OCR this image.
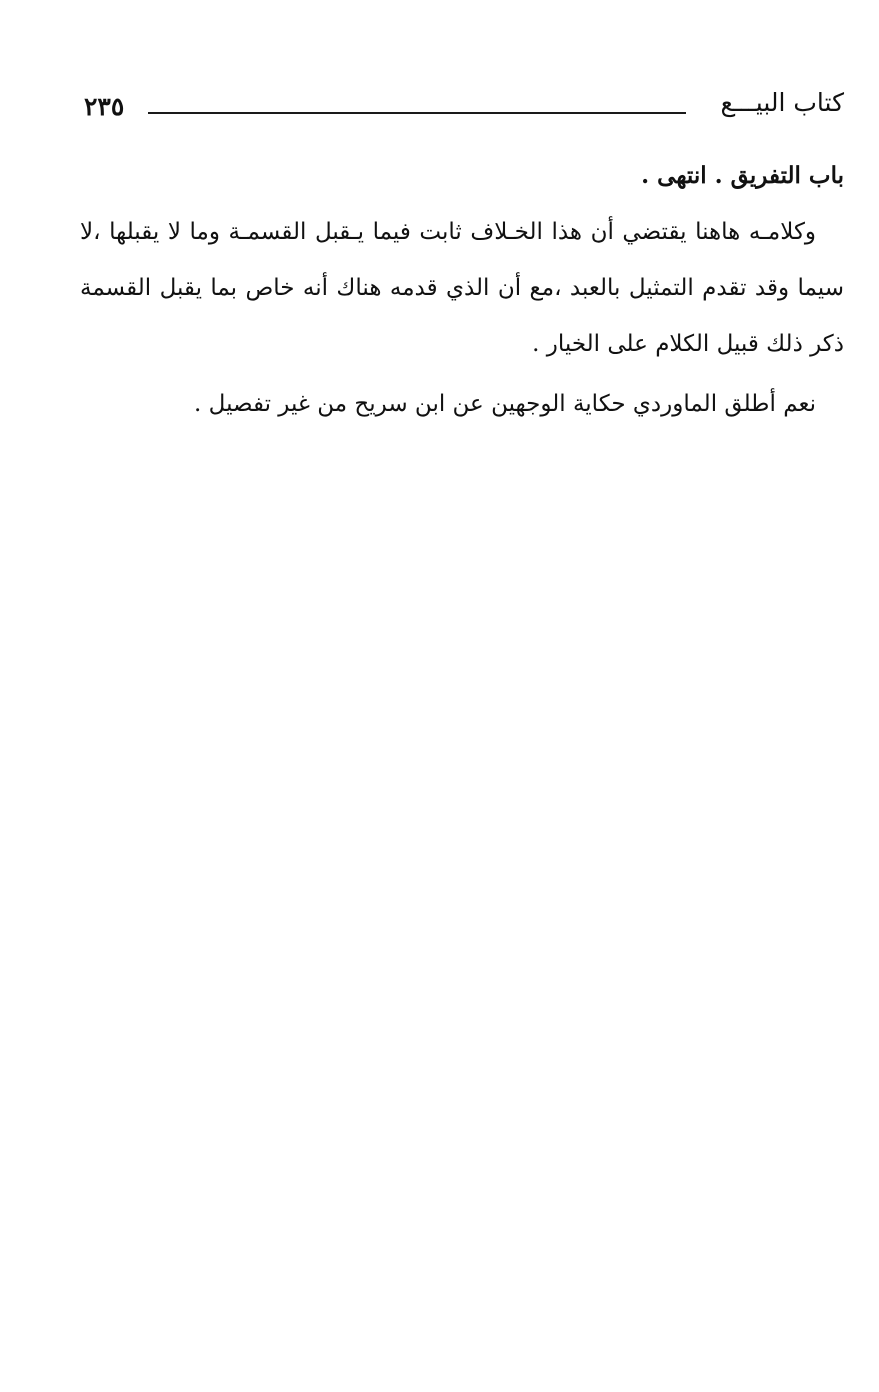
٢٣٥	كتاب البيـــع

باب التفريق . انتهى .

وكلامـه هاهنا يقتضي أن هذا الخـلاف ثابت فيما يـقبل القسمـة وما لا يقبلها ،لا سيما وقد تقدم التمثيل بالعبد ،مع أن الذي قدمه هناك أنه خاص بما يقبل القسمة ذكر ذلك قبيل الكلام على الخيار .

نعم أطلق الماوردي حكاية الوجهين عن ابن سريح من غير تفصيل .
